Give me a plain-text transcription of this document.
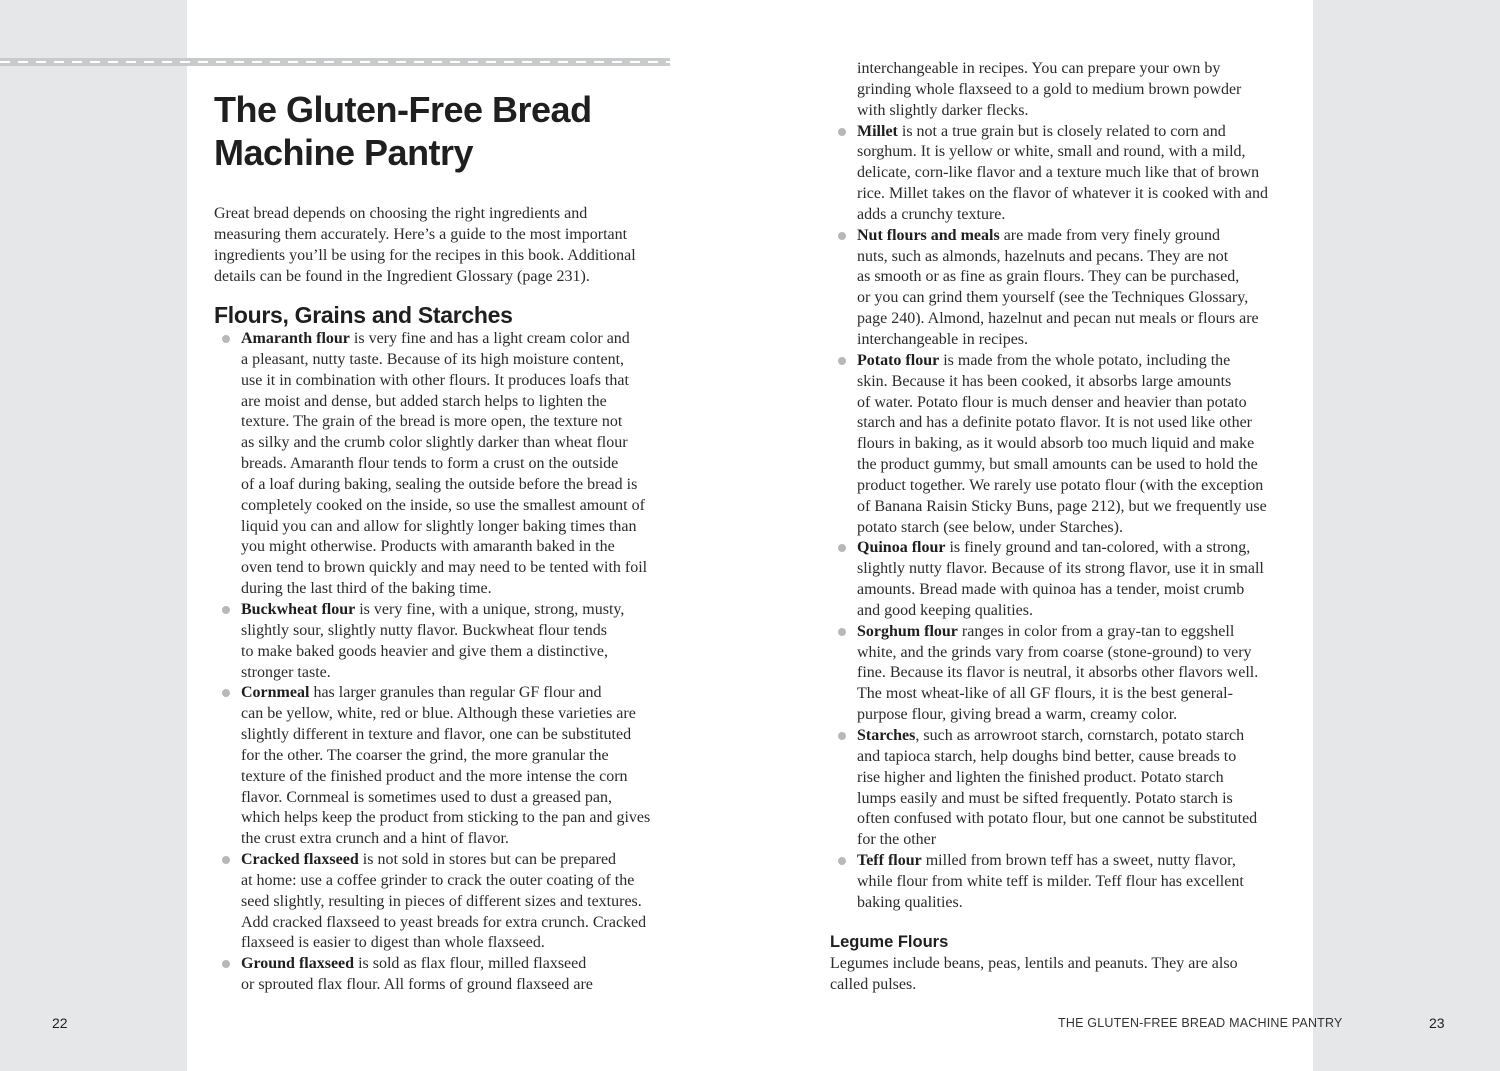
The Gluten-Free Bread
Machine Pantry

Great bread depends on choosing the right ingredients and
measuring them accurately. Here’s a guide to the most important
ingredients you’ll be using for the recipes in this book. Additional
details can be found in the Ingredient Glossary (page 231).

Flours, Grains and Starches
Amaranth flour is very fine and has a light cream color and
a pleasant, nutty taste. Because of its high moisture content,
use it in combination with other flours. It produces loafs that
are moist and dense, but added starch helps to lighten the
texture. The grain of the bread is more open, the texture not
as silky and the crumb color slightly darker than wheat flour
breads. Amaranth flour tends to form a crust on the outside
of a loaf during baking, sealing the outside before the bread is
completely cooked on the inside, so use the smallest amount of
liquid you can and allow for slightly longer baking times than
you might otherwise. Products with amaranth baked in the
oven tend to brown quickly and may need to be tented with foil
during the last third of the baking time.
Buckwheat flour is very fine, with a unique, strong, musty,
slightly sour, slightly nutty flavor. Buckwheat flour tends
to make baked goods heavier and give them a distinctive,
stronger taste.
Cornmeal has larger granules than regular GF flour and
can be yellow, white, red or blue. Although these varieties are
slightly different in texture and flavor, one can be substituted
for the other. The coarser the grind, the more granular the
texture of the finished product and the more intense the corn
flavor. Cornmeal is sometimes used to dust a greased pan,
which helps keep the product from sticking to the pan and gives
the crust extra crunch and a hint of flavor.
Cracked flaxseed is not sold in stores but can be prepared
at home: use a coffee grinder to crack the outer coating of the
seed slightly, resulting in pieces of different sizes and textures.
Add cracked flaxseed to yeast breads for extra crunch. Cracked
flaxseed is easier to digest than whole flaxseed.
Ground flaxseed is sold as flax flour, milled flaxseed
or sprouted flax flour. All forms of ground flaxseed are
interchangeable in recipes. You can prepare your own by
grinding whole flaxseed to a gold to medium brown powder
with slightly darker flecks.
Millet is not a true grain but is closely related to corn and
sorghum. It is yellow or white, small and round, with a mild,
delicate, corn-like flavor and a texture much like that of brown
rice. Millet takes on the flavor of whatever it is cooked with and
adds a crunchy texture.
Nut flours and meals are made from very finely ground
nuts, such as almonds, hazelnuts and pecans. They are not
as smooth or as fine as grain flours. They can be purchased,
or you can grind them yourself (see the Techniques Glossary,
page 240). Almond, hazelnut and pecan nut meals or flours are
interchangeable in recipes.
Potato flour is made from the whole potato, including the
skin. Because it has been cooked, it absorbs large amounts
of water. Potato flour is much denser and heavier than potato
starch and has a definite potato flavor. It is not used like other
flours in baking, as it would absorb too much liquid and make
the product gummy, but small amounts can be used to hold the
product together. We rarely use potato flour (with the exception
of Banana Raisin Sticky Buns, page 212), but we frequently use
potato starch (see below, under Starches).
Quinoa flour is finely ground and tan-colored, with a strong,
slightly nutty flavor. Because of its strong flavor, use it in small
amounts. Bread made with quinoa has a tender, moist crumb
and good keeping qualities.
Sorghum flour ranges in color from a gray-tan to eggshell
white, and the grinds vary from coarse (stone-ground) to very
fine. Because its flavor is neutral, it absorbs other flavors well.
The most wheat-like of all GF flours, it is the best general-
purpose flour, giving bread a warm, creamy color.
Starches, such as arrowroot starch, cornstarch, potato starch
and tapioca starch, help doughs bind better, cause breads to
rise higher and lighten the finished product. Potato starch
lumps easily and must be sifted frequently. Potato starch is
often confused with potato flour, but one cannot be substituted
for the other
Teff flour milled from brown teff has a sweet, nutty flavor,
while flour from white teff is milder. Teff flour has excellent
baking qualities.
Legume Flours

Legumes include beans, peas, lentils and peanuts. They are also
called pulses.

22	THE GLUTEN-FREE BREAD MACHINE PANTRY	23
